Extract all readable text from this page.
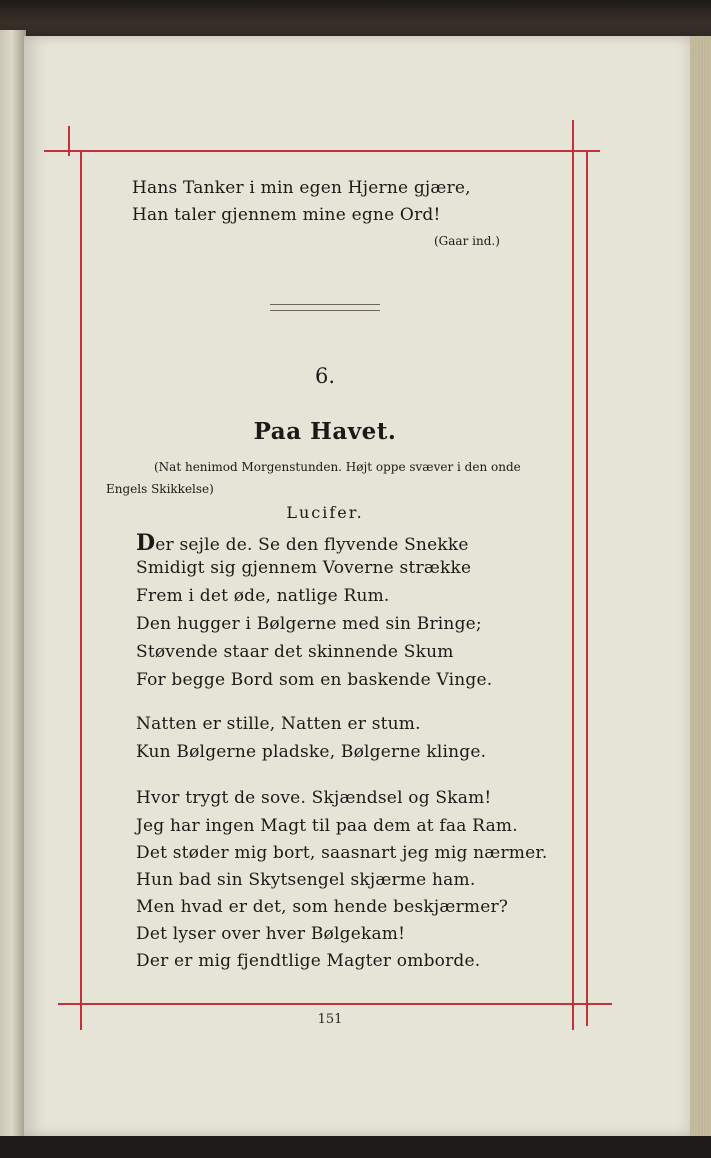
Hans Tanker i min egen Hjerne gjære,
Han taler gjennem mine egne Ord!
(Gaar ind.)
6.
Paa Havet.
(Nat henimod Morgenstunden. Højt oppe svæver i den onde
Engels Skikkelse)
Lucifer.
Der sejle de. Se den flyvende Snekke
Smidigt sig gjennem Voverne strække
Frem i det øde, natlige Rum.
Den hugger i Bølgerne med sin Bringe;
Støvende staar det skinnende Skum
For begge Bord som en baskende Vinge.
Natten er stille, Natten er stum.
Kun Bølgerne pladske, Bølgerne klinge.
Hvor trygt de sove. Skjændsel og Skam!
Jeg har ingen Magt til paa dem at faa Ram.
Det støder mig bort, saasnart jeg mig nærmer.
Hun bad sin Skytsengel skjærme ham.
Men hvad er det, som hende beskjærmer?
Det lyser over hver Bølgekam!
Der er mig fjendtlige Magter omborde.
151
